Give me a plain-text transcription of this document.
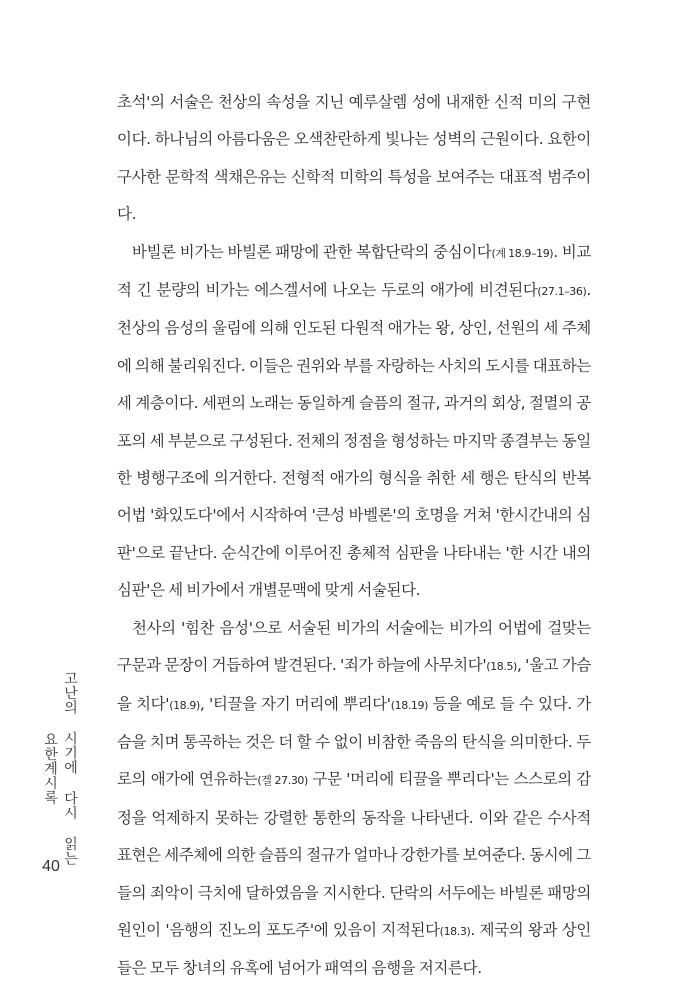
초석'의 서술은 천상의 속성을 지닌 예루살렘 성에 내재한 신적 미의 구현이다. 하나님의 아름다움은 오색찬란하게 빛나는 성벽의 근원이다. 요한이 구사한 문학적 색채은유는 신학적 미학의 특성을 보여주는 대표적 범주이다.

바빌론 비가는 바빌론 패망에 관한 복합단락의 중심이다(계 18.9–19). 비교적 긴 분량의 비가는 에스겔서에 나오는 두로의 애가에 비견된다(27.1–36). 천상의 음성의 울림에 의해 인도된 다원적 애가는 왕, 상인, 선원의 세 주체에 의해 불리워진다. 이들은 권위와 부를 자랑하는 사치의 도시를 대표하는 세 계층이다. 세편의 노래는 동일하게 슬픔의 절규, 과거의 회상, 절멸의 공포의 세 부분으로 구성된다. 전체의 정점을 형성하는 마지막 종결부는 동일한 병행구조에 의거한다. 전형적 애가의 형식을 취한 세 행은 탄식의 반복어법 '화있도다'에서 시작하여 '큰성 바벨론'의 호명을 거쳐 '한시간내의 심판'으로 끝난다. 순식간에 이루어진 총체적 심판을 나타내는 '한 시간 내의 심판'은 세 비가에서 개별문맥에 맞게 서술된다.

천사의 '힘찬 음성'으로 서술된 비가의 서술에는 비가의 어법에 걸맞는 구문과 문장이 거듭하여 발견된다. '죄가 하늘에 사무치다'(18.5), '울고 가슴을 치다'(18.9), '티끌을 자기 머리에 뿌리다'(18.19) 등을 예로 들 수 있다. 가슴을 치며 통곡하는 것은 더 할 수 없이 비참한 죽음의 탄식을 의미한다. 두로의 애가에 연유하는(겔 27.30) 구문 '머리에 티끌을 뿌리다'는 스스로의 감정을 억제하지 못하는 강렬한 통한의 동작을 나타낸다. 이와 같은 수사적 표현은 세주체에 의한 슬픔의 절규가 얼마나 강한가를 보여준다. 동시에 그들의 죄악이 극치에 달하였음을 지시한다. 단락의 서두에는 바빌론 패망의 원인이 '음행의 진노의 포도주'에 있음이 지적된다(18.3). 제국의 왕과 상인들은 모두 창녀의 유혹에 넘어가 패역의 음행을 저지른다.

고난의 시기에 다시 읽는 요한계시록
40
